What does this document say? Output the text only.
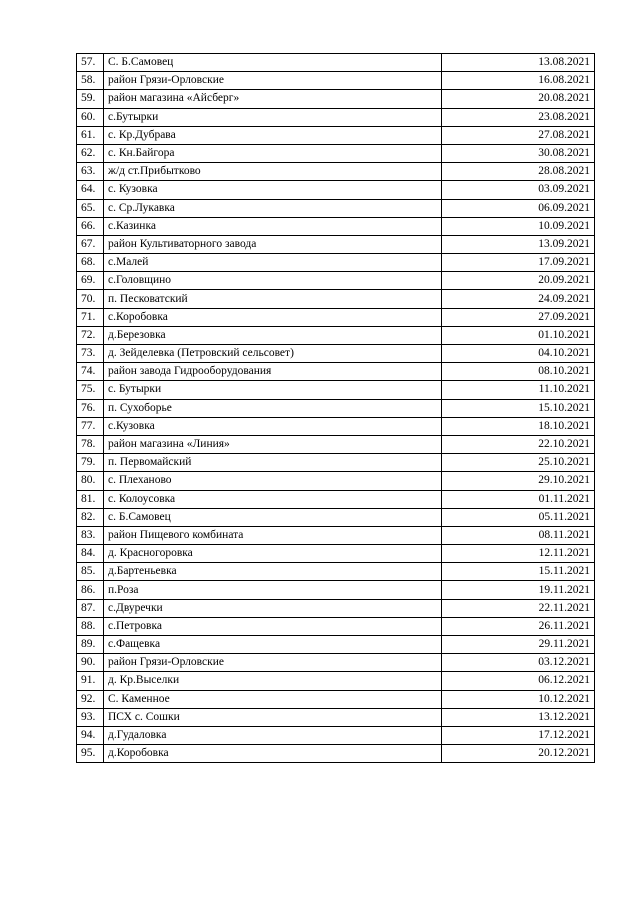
57.	С. Б.Самовец	13.08.2021
58.	район Грязи-Орловские	16.08.2021
59.	район магазина «Айсберг»	20.08.2021
60.	с.Бутырки	23.08.2021
61.	с. Кр.Дубрава	27.08.2021
62.	с. Кн.Байгора	30.08.2021
63.	ж/д ст.Прибытково	28.08.2021
64.	с. Кузовка	03.09.2021
65.	с. Ср.Лукавка	06.09.2021
66.	с.Казинка	10.09.2021
67.	район Культиваторного завода	13.09.2021
68.	с.Малей	17.09.2021
69.	с.Головщино	20.09.2021
70.	п. Песковатский	24.09.2021
71.	с.Коробовка	27.09.2021
72.	д.Березовка	01.10.2021
73.	д. Зейделевка (Петровский сельсовет)	04.10.2021
74.	район завода Гидрооборудования	08.10.2021
75.	с. Бутырки	11.10.2021
76.	п. Сухоборье	15.10.2021
77.	с.Кузовка	18.10.2021
78.	район магазина «Линия»	22.10.2021
79.	п. Первомайский	25.10.2021
80.	с. Плеханово	29.10.2021
81.	с. Колоусовка	01.11.2021
82.	с. Б.Самовец	05.11.2021
83.	район Пищевого комбината	08.11.2021
84.	д. Красногоровка	12.11.2021
85.	д.Бартеньевка	15.11.2021
86.	п.Роза	19.11.2021
87.	с.Двуречки	22.11.2021
88.	с.Петровка	26.11.2021
89.	с.Фащевка	29.11.2021
90.	район Грязи-Орловские	03.12.2021
91.	д. Кр.Выселки	06.12.2021
92.	С. Каменное	10.12.2021
93.	ПСХ с. Сошки	13.12.2021
94.	д.Гудаловка	17.12.2021
95.	д.Коробовка	20.12.2021
